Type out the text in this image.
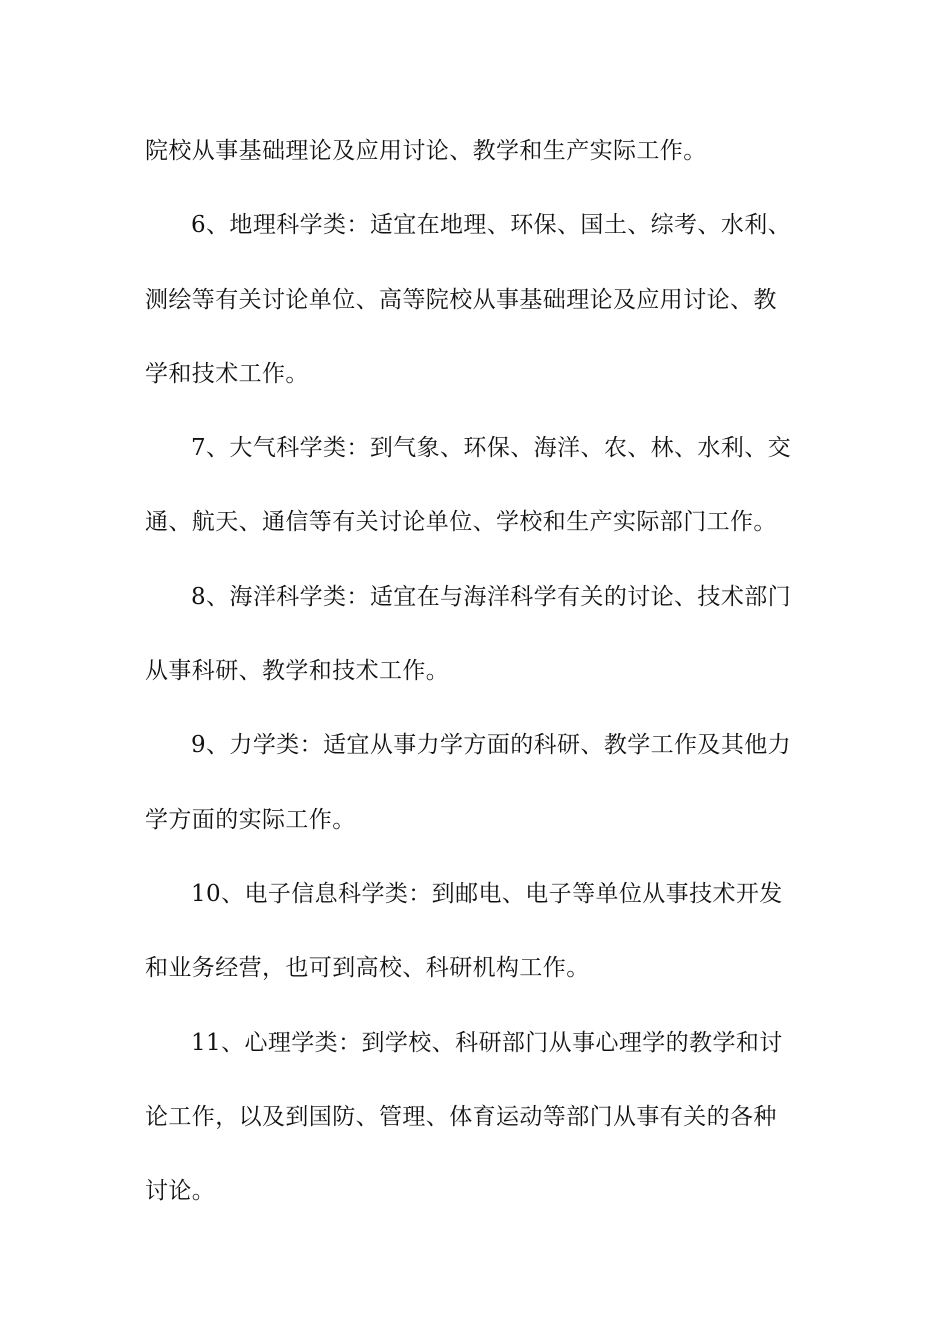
院校从事基础理论及应用讨论、教学和生产实际工作。
6、地理科学类：适宜在地理、环保、国土、综考、水利、
测绘等有关讨论单位、高等院校从事基础理论及应用讨论、教
学和技术工作。
7、大气科学类：到气象、环保、海洋、农、林、水利、交
通、航天、通信等有关讨论单位、学校和生产实际部门工作。
8、海洋科学类：适宜在与海洋科学有关的讨论、技术部门
从事科研、教学和技术工作。
9、力学类：适宜从事力学方面的科研、教学工作及其他力
学方面的实际工作。
10、电子信息科学类：到邮电、电子等单位从事技术开发
和业务经营，也可到高校、科研机构工作。
11、心理学类：到学校、科研部门从事心理学的教学和讨
论工作，以及到国防、管理、体育运动等部门从事有关的各种
讨论。
